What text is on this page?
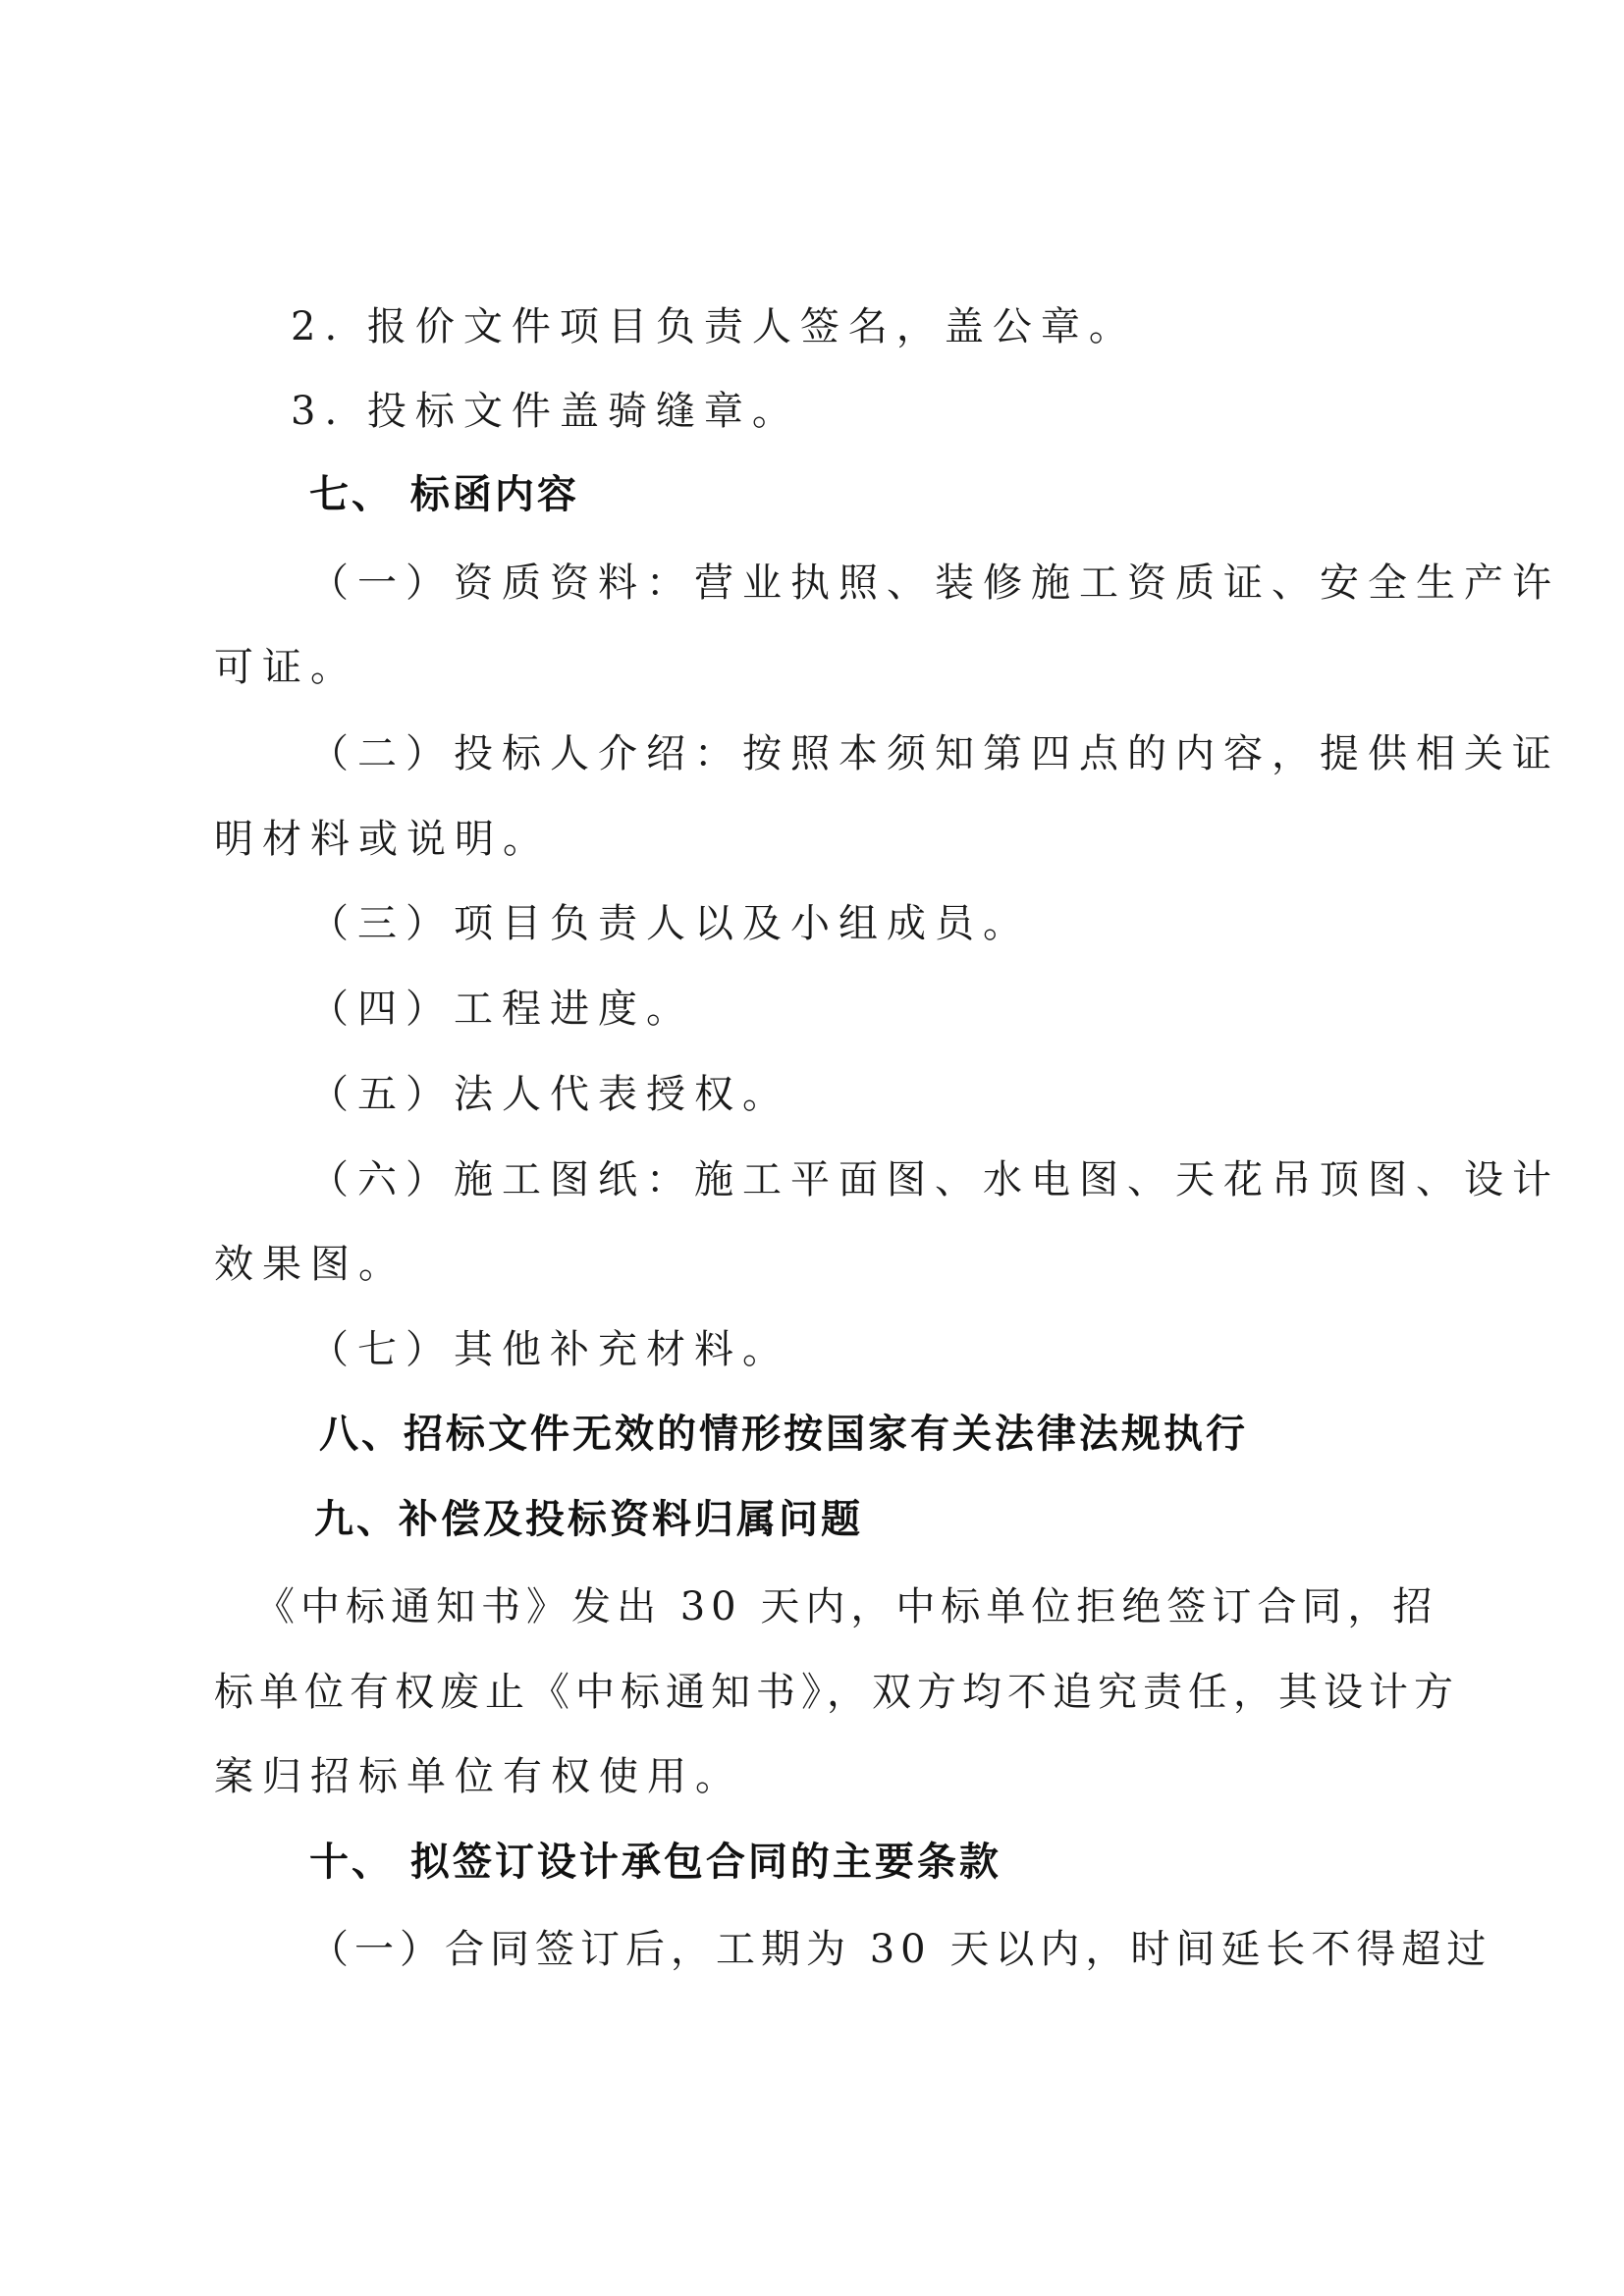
2. 报价文件项目负责人签名，盖公章。
3. 投标文件盖骑缝章。
七、 标函内容
（一）资质资料：营业执照、装修施工资质证、安全生产许
可证。
（二）投标人介绍：按照本须知第四点的内容，提供相关证
明材料或说明。
（三）项目负责人以及小组成员。
（四）工程进度。
（五）法人代表授权。
（六）施工图纸：施工平面图、水电图、天花吊顶图、设计
效果图。
（七）其他补充材料。
八、招标文件无效的情形按国家有关法律法规执行
九、补偿及投标资料归属问题
《中标通知书》发出 30 天内，中标单位拒绝签订合同，招
标单位有权废止《中标通知书》，双方均不追究责任，其设计方
案归招标单位有权使用。
十、 拟签订设计承包合同的主要条款
（一）合同签订后，工期为 30 天以内，时间延长不得超过
